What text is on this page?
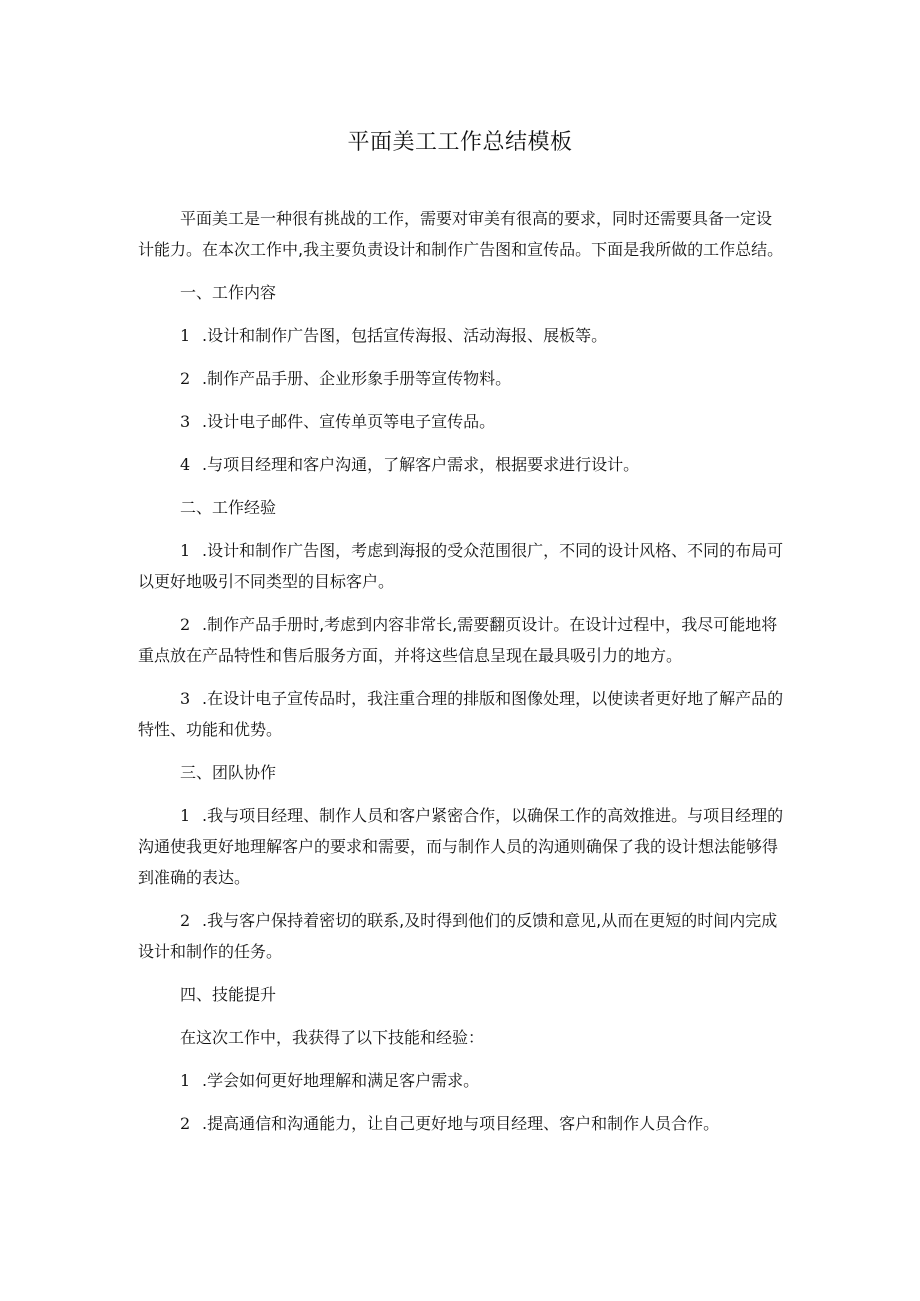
平面美工工作总结模板

平面美工是一种很有挑战的工作，需要对审美有很高的要求，同时还需要具备一定设计能力。在本次工作中,我主要负责设计和制作广告图和宣传品。下面是我所做的工作总结。

一、工作内容

1 .设计和制作广告图，包括宣传海报、活动海报、展板等。

2 .制作产品手册、企业形象手册等宣传物料。

3 .设计电子邮件、宣传单页等电子宣传品。

4 .与项目经理和客户沟通，了解客户需求，根据要求进行设计。

二、工作经验

1 .设计和制作广告图，考虑到海报的受众范围很广，不同的设计风格、不同的布局可以更好地吸引不同类型的目标客户。

2 .制作产品手册时,考虑到内容非常长,需要翻页设计。在设计过程中，我尽可能地将重点放在产品特性和售后服务方面，并将这些信息呈现在最具吸引力的地方。

3 .在设计电子宣传品时，我注重合理的排版和图像处理，以使读者更好地了解产品的特性、功能和优势。

三、团队协作

1 .我与项目经理、制作人员和客户紧密合作，以确保工作的高效推进。与项目经理的沟通使我更好地理解客户的要求和需要，而与制作人员的沟通则确保了我的设计想法能够得到准确的表达。

2 .我与客户保持着密切的联系,及时得到他们的反馈和意见,从而在更短的时间内完成设计和制作的任务。

四、技能提升

在这次工作中，我获得了以下技能和经验：

1 .学会如何更好地理解和满足客户需求。

2 .提高通信和沟通能力，让自己更好地与项目经理、客户和制作人员合作。
